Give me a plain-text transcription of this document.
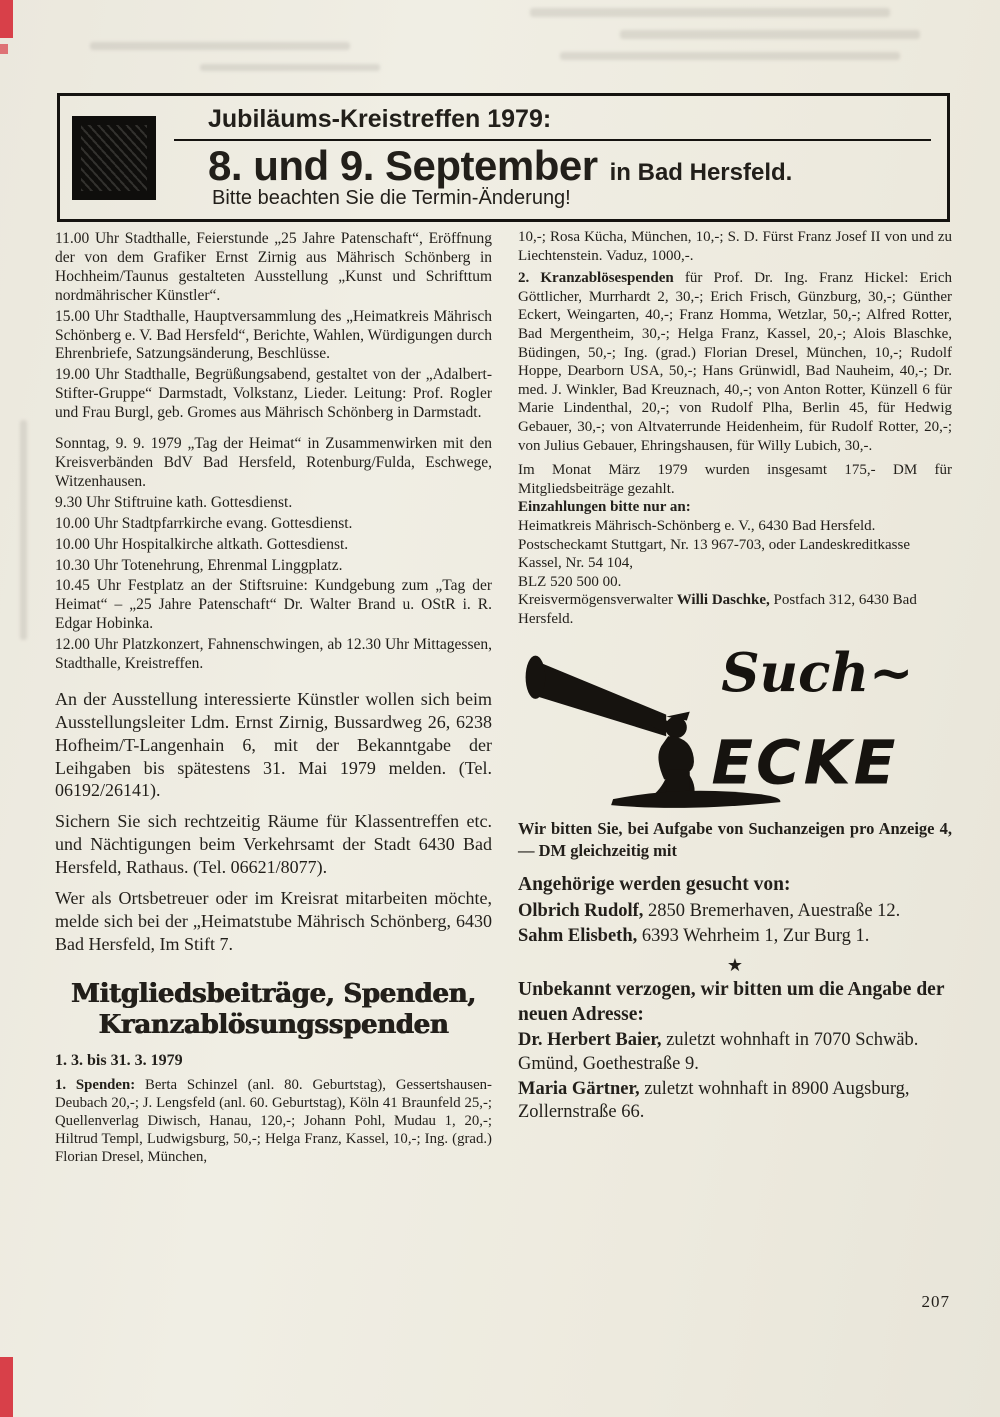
Jubiläums-Kreistreffen 1979:
8. und 9. September in Bad Hersfeld.
Bitte beachten Sie die Termin-Änderung!

11.00 Uhr Stadthalle, Feierstunde „25 Jahre Patenschaft“, Eröffnung der von dem Grafiker Ernst Zirnig aus Mährisch Schönberg in Hochheim/Taunus gestalteten Ausstellung „Kunst und Schrifttum nordmährischer Künstler“.

15.00 Uhr Stadthalle, Hauptversammlung des „Heimatkreis Mährisch Schönberg e. V. Bad Hersfeld“, Berichte, Wahlen, Würdigungen durch Ehrenbriefe, Satzungsänderung, Beschlüsse.

19.00 Uhr Stadthalle, Begrüßungsabend, gestaltet von der „Adalbert-Stifter-Gruppe“ Darmstadt, Volkstanz, Lieder. Leitung: Prof. Rogler und Frau Burgl, geb. Gromes aus Mährisch Schönberg in Darmstadt.

Sonntag, 9. 9. 1979 „Tag der Heimat“ in Zusammenwirken mit den Kreisverbänden BdV Bad Hersfeld, Rotenburg/Fulda, Eschwege, Witzenhausen.

9.30 Uhr Stiftruine kath. Gottesdienst.

10.00 Uhr Stadtpfarrkirche evang. Gottesdienst.

10.00 Uhr Hospitalkirche altkath. Gottesdienst.

10.30 Uhr Totenehrung, Ehrenmal Linggplatz.

10.45 Uhr Festplatz an der Stiftsruine: Kundgebung zum „Tag der Heimat“ – „25 Jahre Patenschaft“ Dr. Walter Brand u. OStR i. R. Edgar Hobinka.

12.00 Uhr Platzkonzert, Fahnenschwingen, ab 12.30 Uhr Mittagessen, Stadthalle, Kreistreffen.

An der Ausstellung interessierte Künstler wollen sich beim Ausstellungsleiter Ldm. Ernst Zirnig, Bussardweg 26, 6238 Hofheim/T-Langenhain 6, mit der Bekanntgabe der Leihgaben bis spätestens 31. Mai 1979 melden. (Tel. 06192/26141).

Sichern Sie sich rechtzeitig Räume für Klassentreffen etc. und Nächtigungen beim Verkehrsamt der Stadt 6430 Bad Hersfeld, Rathaus. (Tel. 06621/8077).

Wer als Ortsbetreuer oder im Kreisrat mitarbeiten möchte, melde sich bei der „Heimatstube Mährisch Schönberg, 6430 Bad Hersfeld, Im Stift 7.

Mitgliedsbeiträge, Spenden,
Kranzablösungsspenden

1. 3. bis 31. 3. 1979

1. Spenden: Berta Schinzel (anl. 80. Geburtstag), Gessertshausen-Deubach 20,-; J. Lengsfeld (anl. 60. Geburtstag), Köln 41 Braunfeld 25,-; Quellenverlag Diwisch, Hanau, 120,-; Johann Pohl, Mudau 1, 20,-; Hiltrud Templ, Ludwigsburg, 50,-; Helga Franz, Kassel, 10,-; Ing. (grad.) Florian Dresel, München,

10,-; Rosa Kücha, München, 10,-; S. D. Fürst Franz Josef II von und zu Liechtenstein. Vaduz, 1000,-.

2. Kranzablösespenden für Prof. Dr. Ing. Franz Hickel: Erich Göttlicher, Murrhardt 2, 30,-; Erich Frisch, Günzburg, 30,-; Günther Eckert, Weingarten, 40,-; Franz Homma, Wetzlar, 50,-; Alfred Rotter, Bad Mergentheim, 30,-; Helga Franz, Kassel, 20,-; Alois Blaschke, Büdingen, 50,-; Ing. (grad.) Florian Dresel, München, 10,-; Rudolf Hoppe, Dearborn USA, 50,-; Hans Grünwidl, Bad Nauheim, 40,-; Dr. med. J. Winkler, Bad Kreuznach, 40,-; von Anton Rotter, Künzell 6 für Marie Lindenthal, 20,-; von Rudolf Plha, Berlin 45, für Hedwig Gebauer, 30,-; von Altvaterrunde Heidenheim, für Rudolf Rotter, 20,-; von Julius Gebauer, Ehringshausen, für Willy Lubich, 30,-.

Im Monat März 1979 wurden insgesamt 175,- DM für Mitgliedsbeiträge gezahlt.

Einzahlungen bitte nur an:

Heimatkreis Mährisch-Schönberg e. V., 6430 Bad Hersfeld.

Postscheckamt Stuttgart, Nr. 13 967-703, oder Landeskreditkasse Kassel, Nr. 54 104,

BLZ 520 500 00.

Kreisvermögensverwalter Willi Daschke, Postfach 312, 6430 Bad Hersfeld.

Such~
ECKE

Wir bitten Sie, bei Aufgabe von Suchanzeigen pro Anzeige 4,— DM gleichzeitig mit

Angehörige werden gesucht von:

Olbrich Rudolf, 2850 Bremerhaven, Auestraße 12.

Sahm Elisbeth, 6393 Wehrheim 1, Zur Burg 1.

★
Unbekannt verzogen, wir bitten um die Angabe der neuen Adresse:

Dr. Herbert Baier, zuletzt wohnhaft in 7070 Schwäb. Gmünd, Goethestraße 9.

Maria Gärtner, zuletzt wohnhaft in 8900 Augsburg, Zollernstraße 66.

207
